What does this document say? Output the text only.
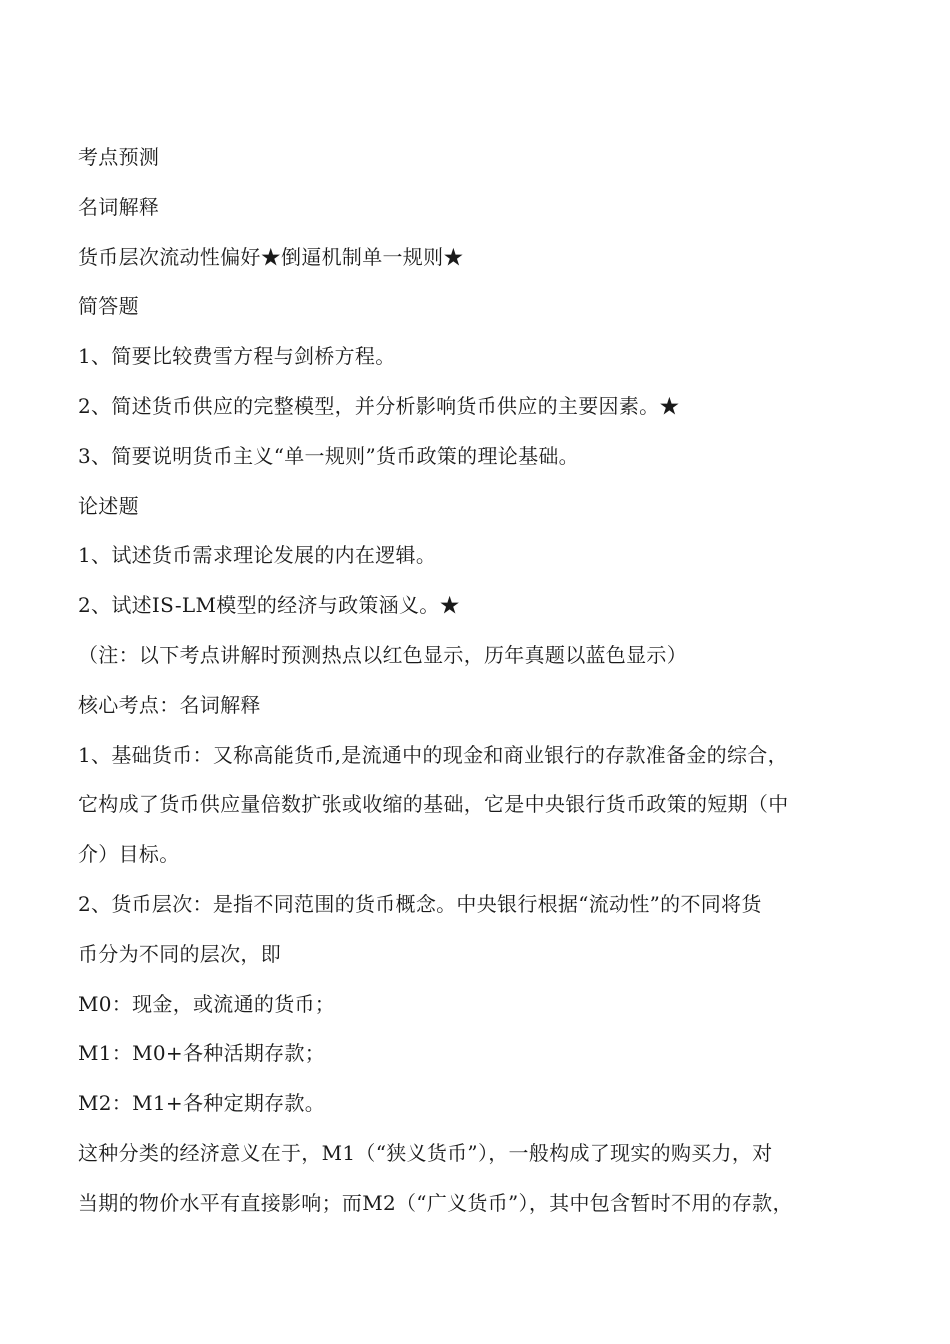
考点预测
名词解释
货币层次流动性偏好★倒逼机制单一规则★
简答题
1、简要比较费雪方程与剑桥方程。
2、简述货币供应的完整模型，并分析影响货币供应的主要因素。★
3、简要说明货币主义“单一规则”货币政策的理论基础。
论述题
1、试述货币需求理论发展的内在逻辑。
2、试述IS-LM模型的经济与政策涵义。★
（注：以下考点讲解时预测热点以红色显示，历年真题以蓝色显示）
核心考点：名词解释
1、基础货币：又称高能货币,是流通中的现金和商业银行的存款准备金的综合，
它构成了货币供应量倍数扩张或收缩的基础，它是中央银行货币政策的短期（中
介）目标。
2、货币层次：是指不同范围的货币概念。中央银行根据“流动性”的不同将货
币分为不同的层次，即
M0：现金，或流通的货币；
M1：M0+各种活期存款；
M2：M1+各种定期存款。
这种分类的经济意义在于，M1（“狭义货币”），一般构成了现实的购买力，对
当期的物价水平有直接影响；而M2（“广义货币”），其中包含暂时不用的存款，
